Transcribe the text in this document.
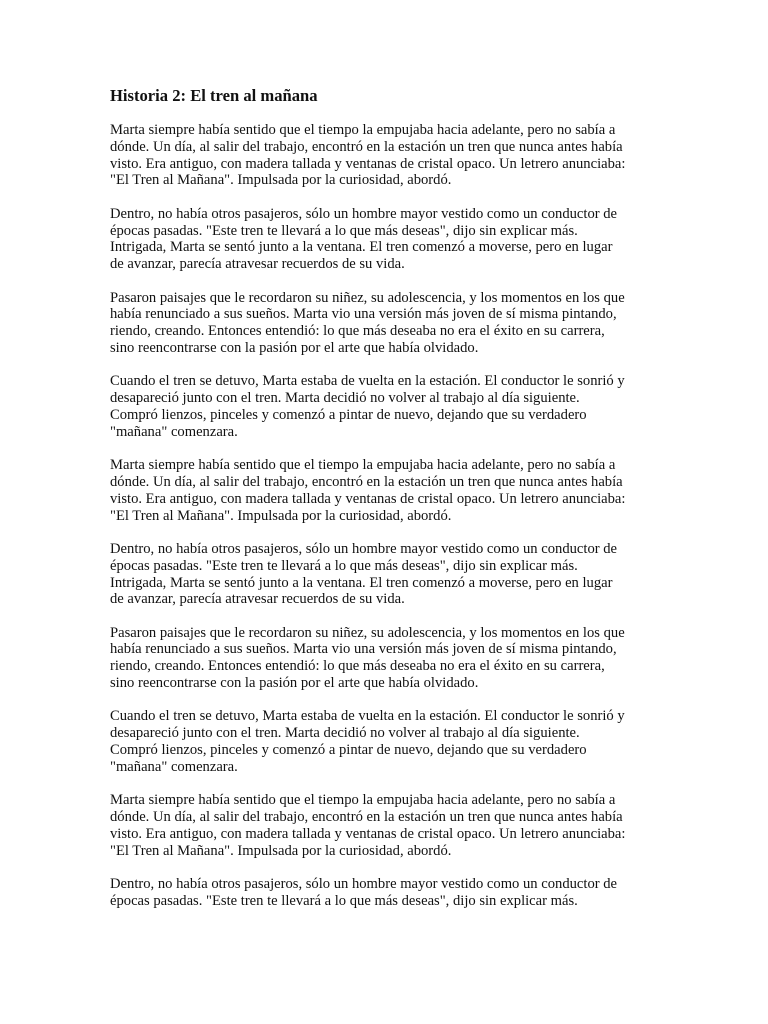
Historia 2: El tren al mañana

Marta siempre había sentido que el tiempo la empujaba hacia adelante, pero no sabía a
dónde. Un día, al salir del trabajo, encontró en la estación un tren que nunca antes había
visto. Era antiguo, con madera tallada y ventanas de cristal opaco. Un letrero anunciaba:
"El Tren al Mañana". Impulsada por la curiosidad, abordó.

Dentro, no había otros pasajeros, sólo un hombre mayor vestido como un conductor de
épocas pasadas. "Este tren te llevará a lo que más deseas", dijo sin explicar más.
Intrigada, Marta se sentó junto a la ventana. El tren comenzó a moverse, pero en lugar
de avanzar, parecía atravesar recuerdos de su vida.

Pasaron paisajes que le recordaron su niñez, su adolescencia, y los momentos en los que
había renunciado a sus sueños. Marta vio una versión más joven de sí misma pintando,
riendo, creando. Entonces entendió: lo que más deseaba no era el éxito en su carrera,
sino reencontrarse con la pasión por el arte que había olvidado.

Cuando el tren se detuvo, Marta estaba de vuelta en la estación. El conductor le sonrió y
desapareció junto con el tren. Marta decidió no volver al trabajo al día siguiente.
Compró lienzos, pinceles y comenzó a pintar de nuevo, dejando que su verdadero
"mañana" comenzara.

Marta siempre había sentido que el tiempo la empujaba hacia adelante, pero no sabía a
dónde. Un día, al salir del trabajo, encontró en la estación un tren que nunca antes había
visto. Era antiguo, con madera tallada y ventanas de cristal opaco. Un letrero anunciaba:
"El Tren al Mañana". Impulsada por la curiosidad, abordó.

Dentro, no había otros pasajeros, sólo un hombre mayor vestido como un conductor de
épocas pasadas. "Este tren te llevará a lo que más deseas", dijo sin explicar más.
Intrigada, Marta se sentó junto a la ventana. El tren comenzó a moverse, pero en lugar
de avanzar, parecía atravesar recuerdos de su vida.

Pasaron paisajes que le recordaron su niñez, su adolescencia, y los momentos en los que
había renunciado a sus sueños. Marta vio una versión más joven de sí misma pintando,
riendo, creando. Entonces entendió: lo que más deseaba no era el éxito en su carrera,
sino reencontrarse con la pasión por el arte que había olvidado.

Cuando el tren se detuvo, Marta estaba de vuelta en la estación. El conductor le sonrió y
desapareció junto con el tren. Marta decidió no volver al trabajo al día siguiente.
Compró lienzos, pinceles y comenzó a pintar de nuevo, dejando que su verdadero
"mañana" comenzara.

Marta siempre había sentido que el tiempo la empujaba hacia adelante, pero no sabía a
dónde. Un día, al salir del trabajo, encontró en la estación un tren que nunca antes había
visto. Era antiguo, con madera tallada y ventanas de cristal opaco. Un letrero anunciaba:
"El Tren al Mañana". Impulsada por la curiosidad, abordó.

Dentro, no había otros pasajeros, sólo un hombre mayor vestido como un conductor de
épocas pasadas. "Este tren te llevará a lo que más deseas", dijo sin explicar más.
